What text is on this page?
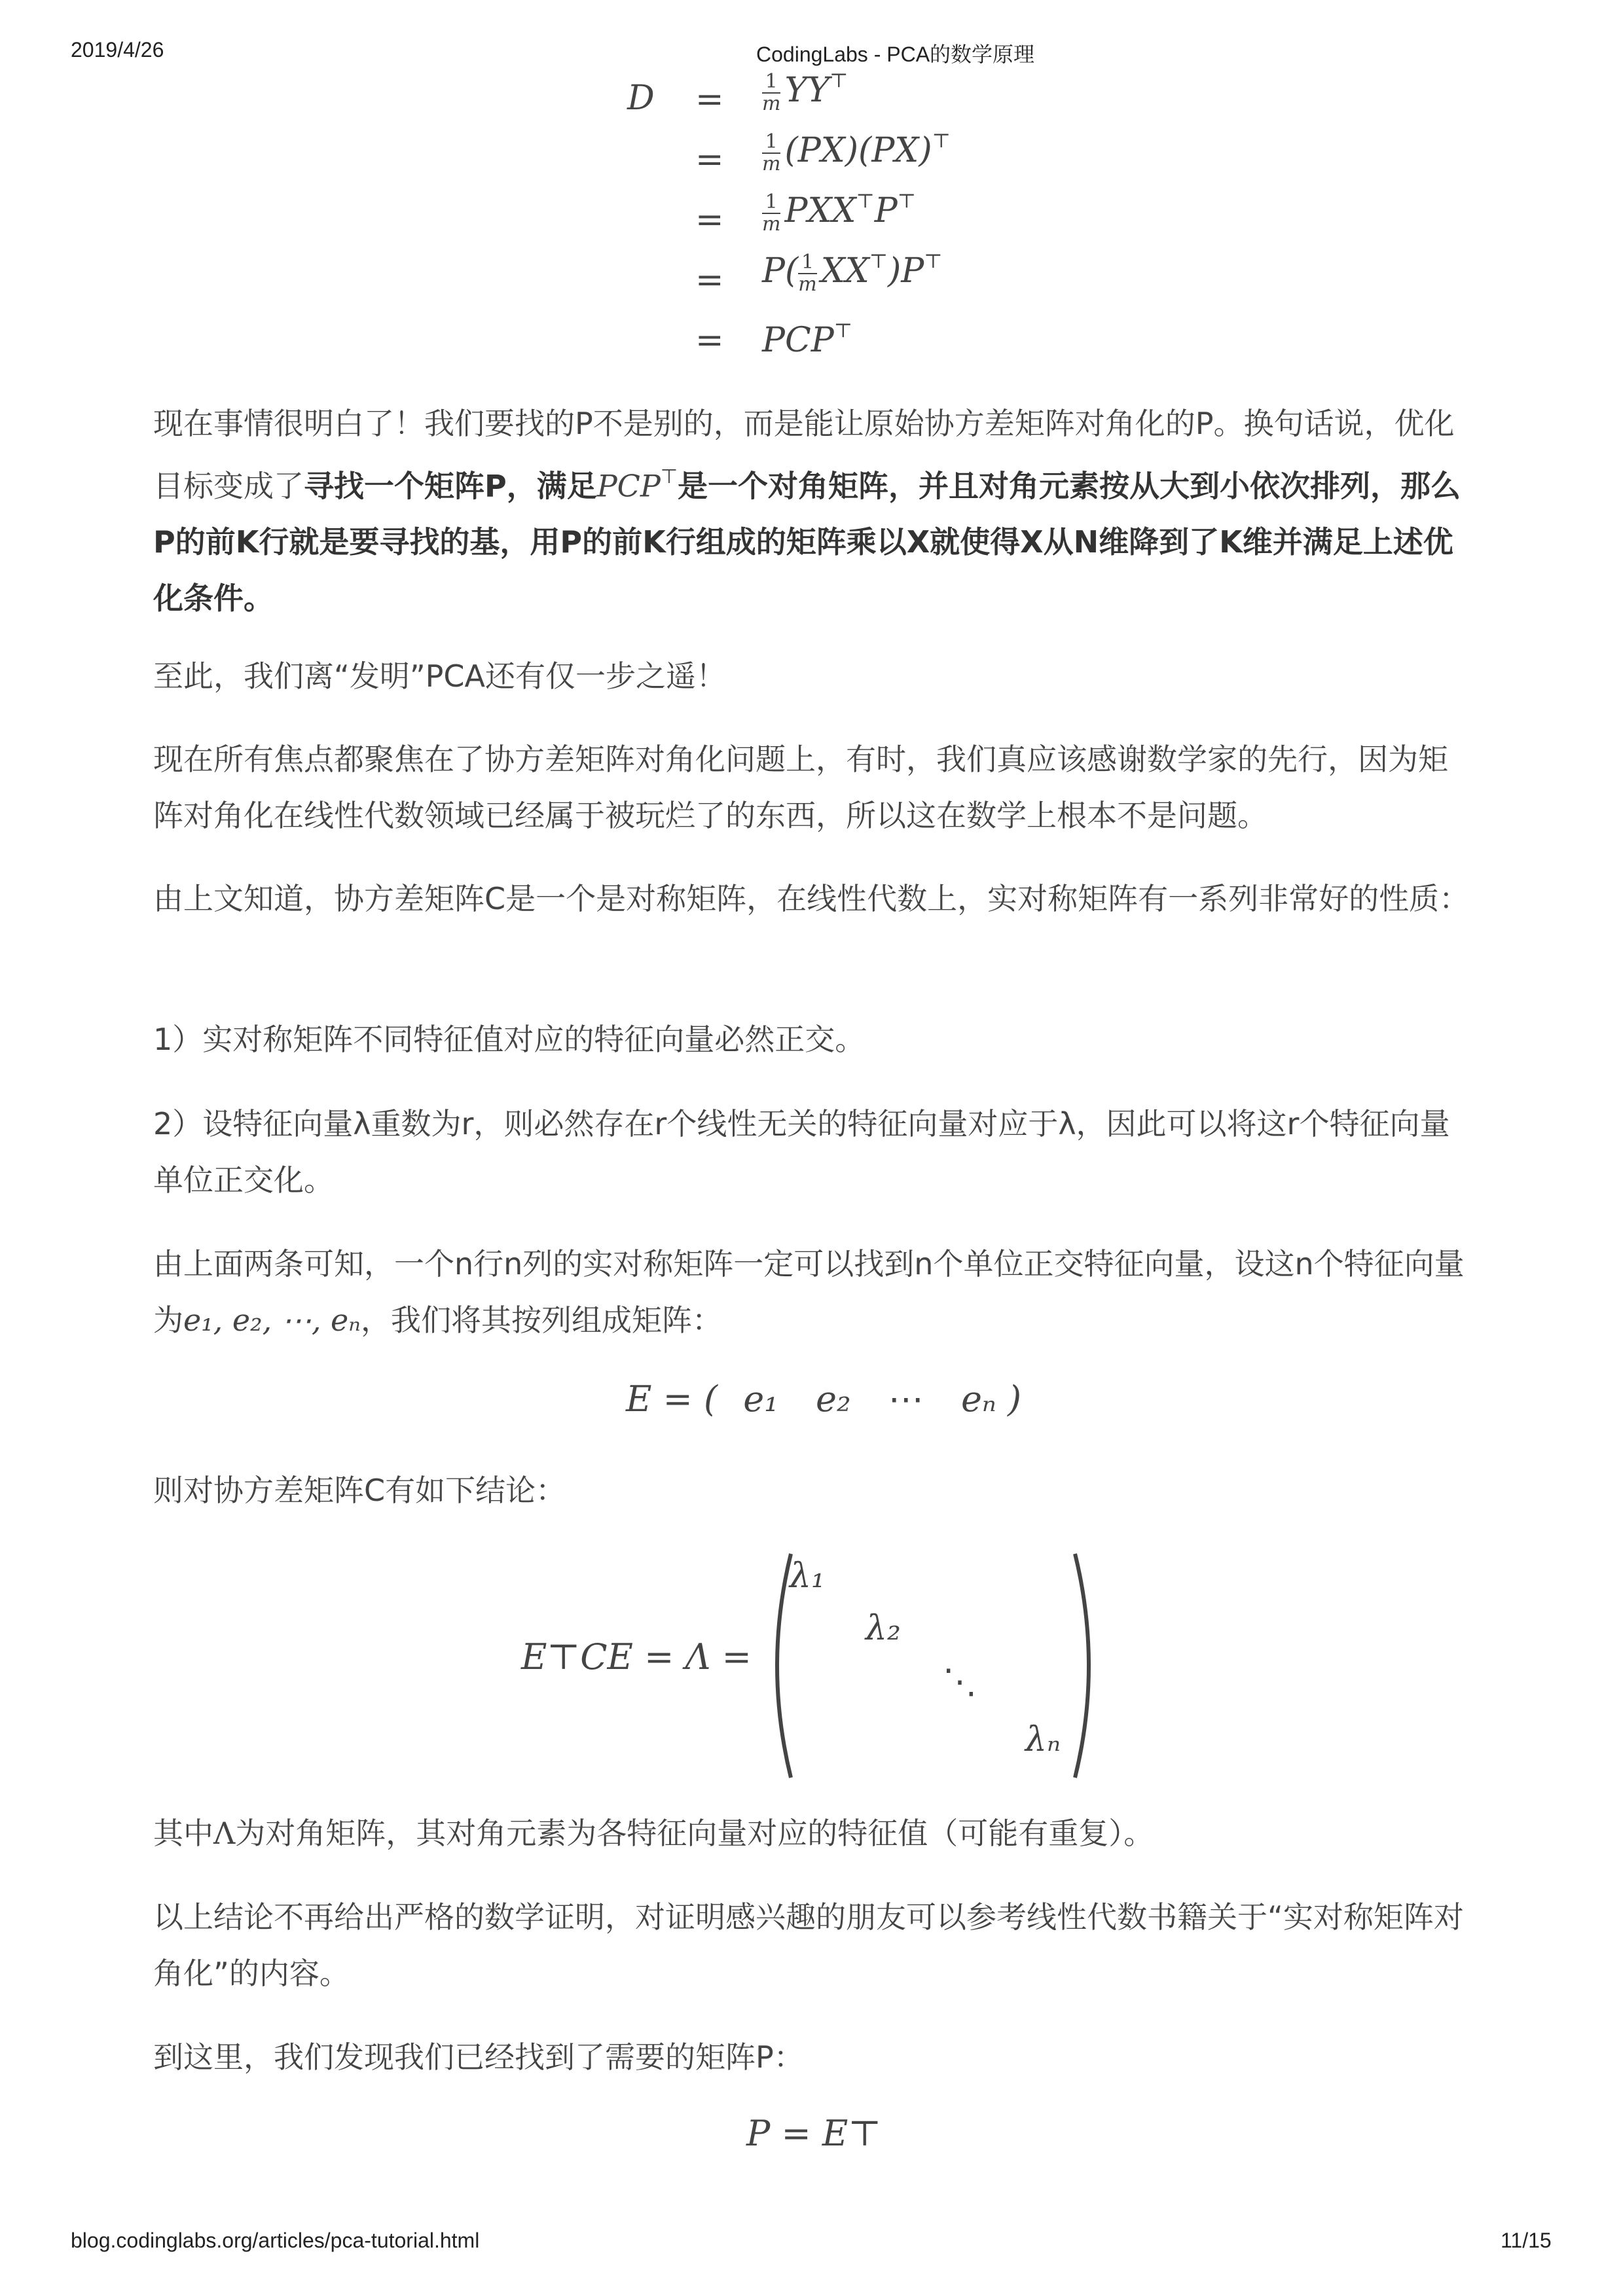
2019/4/26	CodingLabs - PCA的数学原理
$D = \frac{1}{m} YY^⊤$
= $\frac{1}{m} (PX)(PX)^⊤$
= $\frac{1}{m} PXX^⊤P^⊤$
= $P( \frac{1}{m} XX^⊤)P^⊤$
= PCP⊤
现在事情很明白了！我们要找的P不是别的，而是能让原始协方差矩阵对角化的P。换句话说，优化目标变成了寻找一个矩阵P，满足PCP⊤是一个对角矩阵，并且对角元素按从大到小依次排列，那么P的前K行就是要寻找的基，用P的前K行组成的矩阵乘以X就使得X从N维降到了K维并满足上述优化条件。
至此，我们离“发明”PCA还有仅一步之遥！
现在所有焦点都聚焦在了协方差矩阵对角化问题上，有时，我们真应该感谢数学家的先行，因为矩阵对角化在线性代数领域已经属于被玩烂了的东西，所以这在数学上根本不是问题。
由上文知道，协方差矩阵C是一个是对称矩阵，在线性代数上，实对称矩阵有一系列非常好的性质：
1）实对称矩阵不同特征值对应的特征向量必然正交。
2）设特征向量λ重数为r，则必然存在r个线性无关的特征向量对应于λ，因此可以将这r个特征向量单位正交化。
由上面两条可知，一个n行n列的实对称矩阵一定可以找到n个单位正交特征向量，设这n个特征向量为e₁, e₂, ⋯, eₙ，我们将其按列组成矩阵：
E = ( e₁ e₂ ⋯ eₙ )
则对协方差矩阵C有如下结论：
E⊤CE = Λ =
λ₁
λ₂
⋱
λₙ
其中Λ为对角矩阵，其对角元素为各特征向量对应的特征值（可能有重复）。
以上结论不再给出严格的数学证明，对证明感兴趣的朋友可以参考线性代数书籍关于“实对称矩阵对角化”的内容。
到这里，我们发现我们已经找到了需要的矩阵P：
P = E⊤
blog.codinglabs.org/articles/pca-tutorial.html	11/15
